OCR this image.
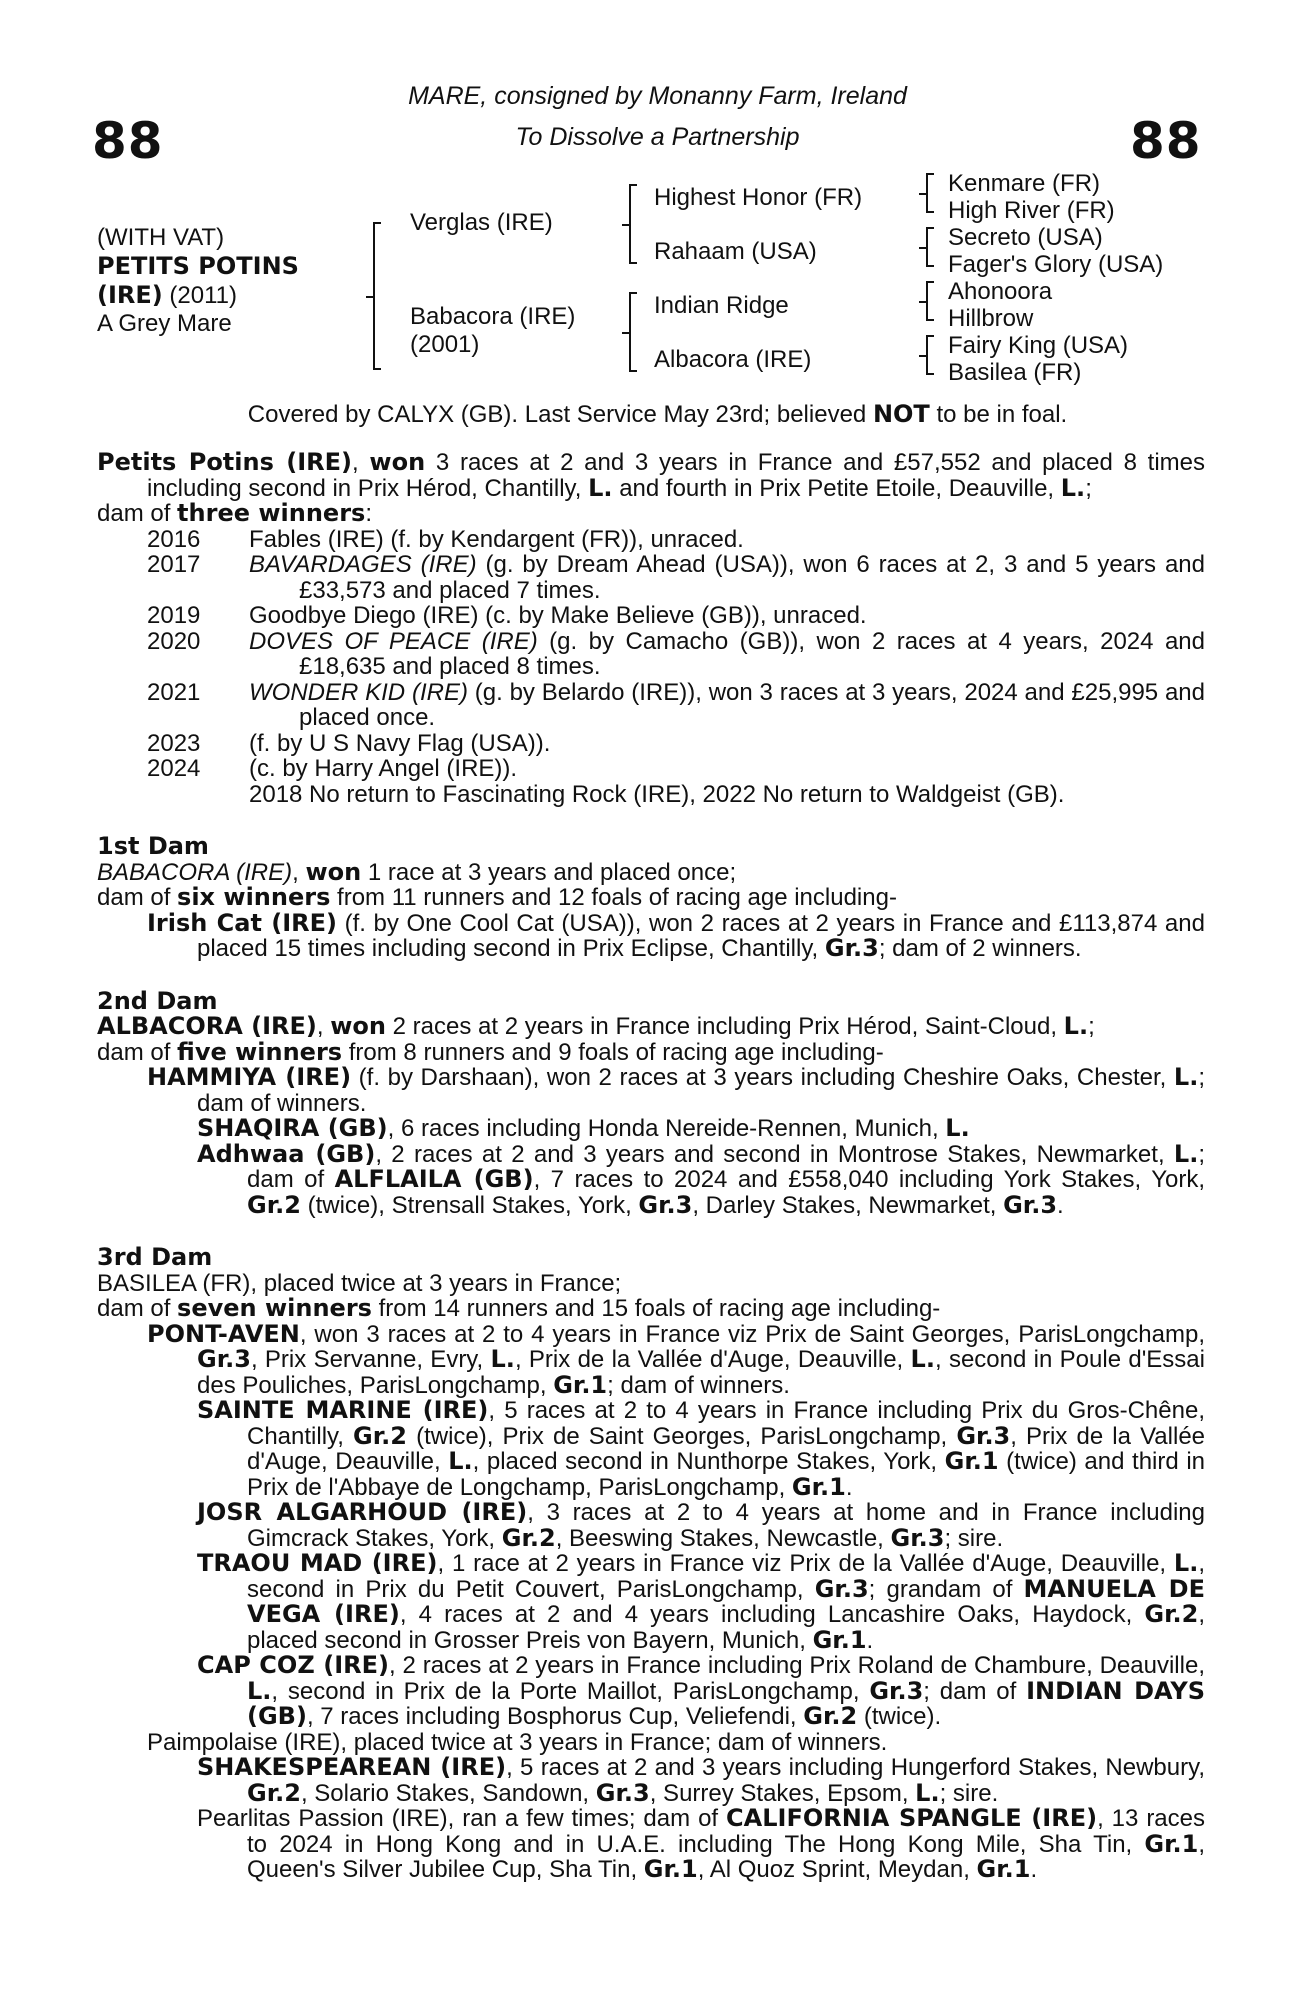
88	88
MARE, consigned by Monanny Farm, Ireland
To Dissolve a Partnership
(WITH VAT)
PETITS POTINS
(IRE) (2011)
A Grey Mare
Verglas (IRE)
Babacora (IRE)
(2001)
Highest Honor (FR)
Rahaam (USA)
Indian Ridge
Albacora (IRE)
Kenmare (FR)
High River (FR)
Secreto (USA)
Fager's Glory (USA)
Ahonoora
Hillbrow
Fairy King (USA)
Basilea (FR)
Covered by CALYX (GB). Last Service May 23rd; believed NOT to be in foal.
Petits Potins (IRE), won 3 races at 2 and 3 years in France and £57,552 and placed 8 times including second in Prix Hérod, Chantilly, L. and fourth in Prix Petite Etoile, Deauville, L.;
dam of three winners:
2016	Fables (IRE) (f. by Kendargent (FR)), unraced.
2017	BAVARDAGES (IRE) (g. by Dream Ahead (USA)), won 6 races at 2, 3 and 5 years and £33,573 and placed 7 times.
2019	Goodbye Diego (IRE) (c. by Make Believe (GB)), unraced.
2020	DOVES OF PEACE (IRE) (g. by Camacho (GB)), won 2 races at 4 years, 2024 and £18,635 and placed 8 times.
2021	WONDER KID (IRE) (g. by Belardo (IRE)), won 3 races at 3 years, 2024 and £25,995 and placed once.
2023	(f. by U S Navy Flag (USA)).
2024	(c. by Harry Angel (IRE)).
2018 No return to Fascinating Rock (IRE), 2022 No return to Waldgeist (GB).
1st Dam
BABACORA (IRE), won 1 race at 3 years and placed once;
dam of six winners from 11 runners and 12 foals of racing age including-
Irish Cat (IRE) (f. by One Cool Cat (USA)), won 2 races at 2 years in France and £113,874 and placed 15 times including second in Prix Eclipse, Chantilly, Gr.3; dam of 2 winners.
2nd Dam
ALBACORA (IRE), won 2 races at 2 years in France including Prix Hérod, Saint-Cloud, L.;
dam of five winners from 8 runners and 9 foals of racing age including-
HAMMIYA (IRE) (f. by Darshaan), won 2 races at 3 years including Cheshire Oaks, Chester, L.; dam of winners.
SHAQIRA (GB), 6 races including Honda Nereide-Rennen, Munich, L.
Adhwaa (GB), 2 races at 2 and 3 years and second in Montrose Stakes, Newmarket, L.; dam of ALFLAILA (GB), 7 races to 2024 and £558,040 including York Stakes, York, Gr.2 (twice), Strensall Stakes, York, Gr.3, Darley Stakes, Newmarket, Gr.3.
3rd Dam
BASILEA (FR), placed twice at 3 years in France;
dam of seven winners from 14 runners and 15 foals of racing age including-
PONT-AVEN, won 3 races at 2 to 4 years in France viz Prix de Saint Georges, ParisLongchamp, Gr.3, Prix Servanne, Evry, L., Prix de la Vallée d'Auge, Deauville, L., second in Poule d'Essai des Pouliches, ParisLongchamp, Gr.1; dam of winners.
SAINTE MARINE (IRE), 5 races at 2 to 4 years in France including Prix du Gros-Chêne, Chantilly, Gr.2 (twice), Prix de Saint Georges, ParisLongchamp, Gr.3, Prix de la Vallée d'Auge, Deauville, L., placed second in Nunthorpe Stakes, York, Gr.1 (twice) and third in Prix de l'Abbaye de Longchamp, ParisLongchamp, Gr.1.
JOSR ALGARHOUD (IRE), 3 races at 2 to 4 years at home and in France including Gimcrack Stakes, York, Gr.2, Beeswing Stakes, Newcastle, Gr.3; sire.
TRAOU MAD (IRE), 1 race at 2 years in France viz Prix de la Vallée d'Auge, Deauville, L., second in Prix du Petit Couvert, ParisLongchamp, Gr.3; grandam of MANUELA DE VEGA (IRE), 4 races at 2 and 4 years including Lancashire Oaks, Haydock, Gr.2, placed second in Grosser Preis von Bayern, Munich, Gr.1.
CAP COZ (IRE), 2 races at 2 years in France including Prix Roland de Chambure, Deauville, L., second in Prix de la Porte Maillot, ParisLongchamp, Gr.3; dam of INDIAN DAYS (GB), 7 races including Bosphorus Cup, Veliefendi, Gr.2 (twice).
Paimpolaise (IRE), placed twice at 3 years in France; dam of winners.
SHAKESPEAREAN (IRE), 5 races at 2 and 3 years including Hungerford Stakes, Newbury, Gr.2, Solario Stakes, Sandown, Gr.3, Surrey Stakes, Epsom, L.; sire.
Pearlitas Passion (IRE), ran a few times; dam of CALIFORNIA SPANGLE (IRE), 13 races to 2024 in Hong Kong and in U.A.E. including The Hong Kong Mile, Sha Tin, Gr.1, Queen's Silver Jubilee Cup, Sha Tin, Gr.1, Al Quoz Sprint, Meydan, Gr.1.
